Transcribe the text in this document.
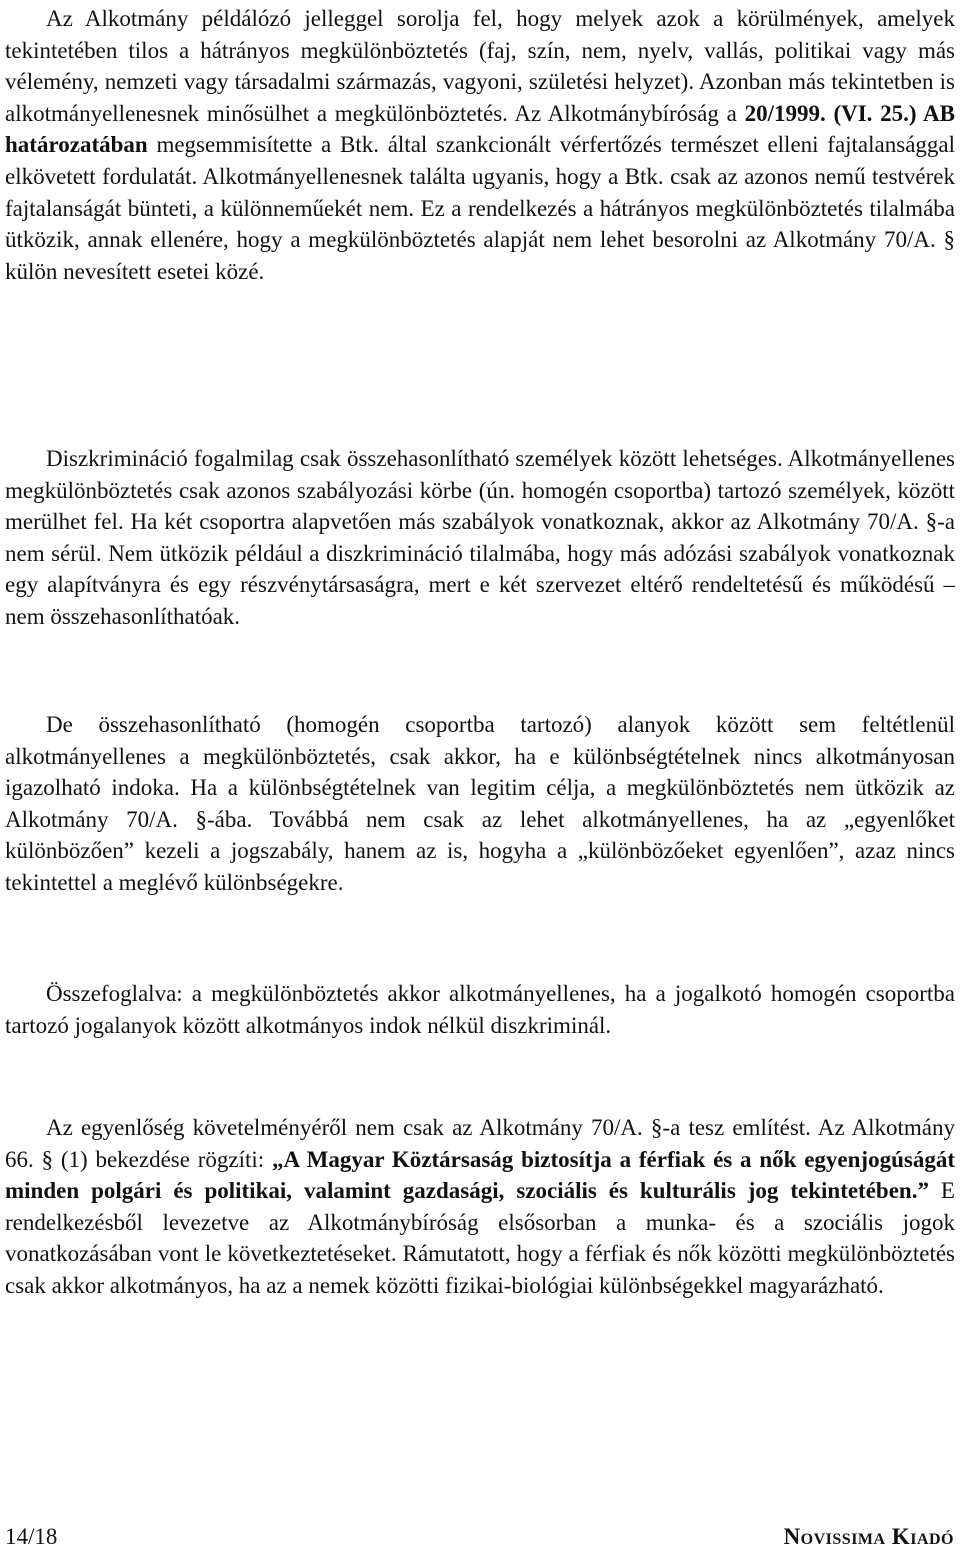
Az Alkotmány példálózó jelleggel sorolja fel, hogy melyek azok a körülmények, amelyek tekintetében tilos a hátrányos megkülönböztetés (faj, szín, nem, nyelv, vallás, politikai vagy más vélemény, nemzeti vagy társadalmi származás, vagyoni, születési helyzet). Azonban más tekintetben is alkotmányellenesnek minősülhet a megkülönböztetés. Az Alkotmánybíróság a 20/1999. (VI. 25.) AB határozatában megsemmisítette a Btk. által szankcionált vérfertőzés természet elleni fajtalansággal elkövetett fordulatát. Alkotmányellenesnek találta ugyanis, hogy a Btk. csak az azonos nemű testvérek fajtalanságát bünteti, a különneműekét nem. Ez a rendelkezés a hátrányos megkülönböztetés tilalmába ütközik, annak ellenére, hogy a megkülönböztetés alapját nem lehet besorolni az Alkotmány 70/A. § külön nevesített esetei közé.

Diszkrimináció fogalmilag csak összehasonlítható személyek között lehetséges. Alkotmányellenes megkülönböztetés csak azonos szabályozási körbe (ún. homogén csoportba) tartozó személyek, között merülhet fel. Ha két csoportra alapvetően más szabályok vonatkoznak, akkor az Alkotmány 70/A. §-a nem sérül. Nem ütközik például a diszkrimináció tilalmába, hogy más adózási szabályok vonatkoznak egy alapítványra és egy részvénytársaságra, mert e két szervezet eltérő rendeltetésű és működésű – nem összehasonlíthatóak.

De összehasonlítható (homogén csoportba tartozó) alanyok között sem feltétlenül alkotmányellenes a megkülönböztetés, csak akkor, ha e különbségtételnek nincs alkotmányosan igazolható indoka. Ha a különbségtételnek van legitim célja, a megkülönböztetés nem ütközik az Alkotmány 70/A. §-ába. Továbbá nem csak az lehet alkotmányellenes, ha az „egyenlőket különbözően” kezeli a jogszabály, hanem az is, hogyha a „különbözőeket egyenlően”, azaz nincs tekintettel a meglévő különbségekre.

Összefoglalva: a megkülönböztetés akkor alkotmányellenes, ha a jogalkotó homogén csoportba tartozó jogalanyok között alkotmányos indok nélkül diszkriminál.

Az egyenlőség követelményéről nem csak az Alkotmány 70/A. §-a tesz említést. Az Alkotmány 66. § (1) bekezdése rögzíti: „A Magyar Köztársaság biztosítja a férfiak és a nők egyenjogúságát minden polgári és politikai, valamint gazdasági, szociális és kulturális jog tekintetében.” E rendelkezésből levezetve az Alkotmánybíróság elsősorban a munka- és a szociális jogok vonatkozásában vont le következtetéseket. Rámutatott, hogy a férfiak és nők közötti megkülönböztetés csak akkor alkotmányos, ha az a nemek közötti fizikai-biológiai különbségekkel magyarázható.

14/18	Novissima Kiadó
